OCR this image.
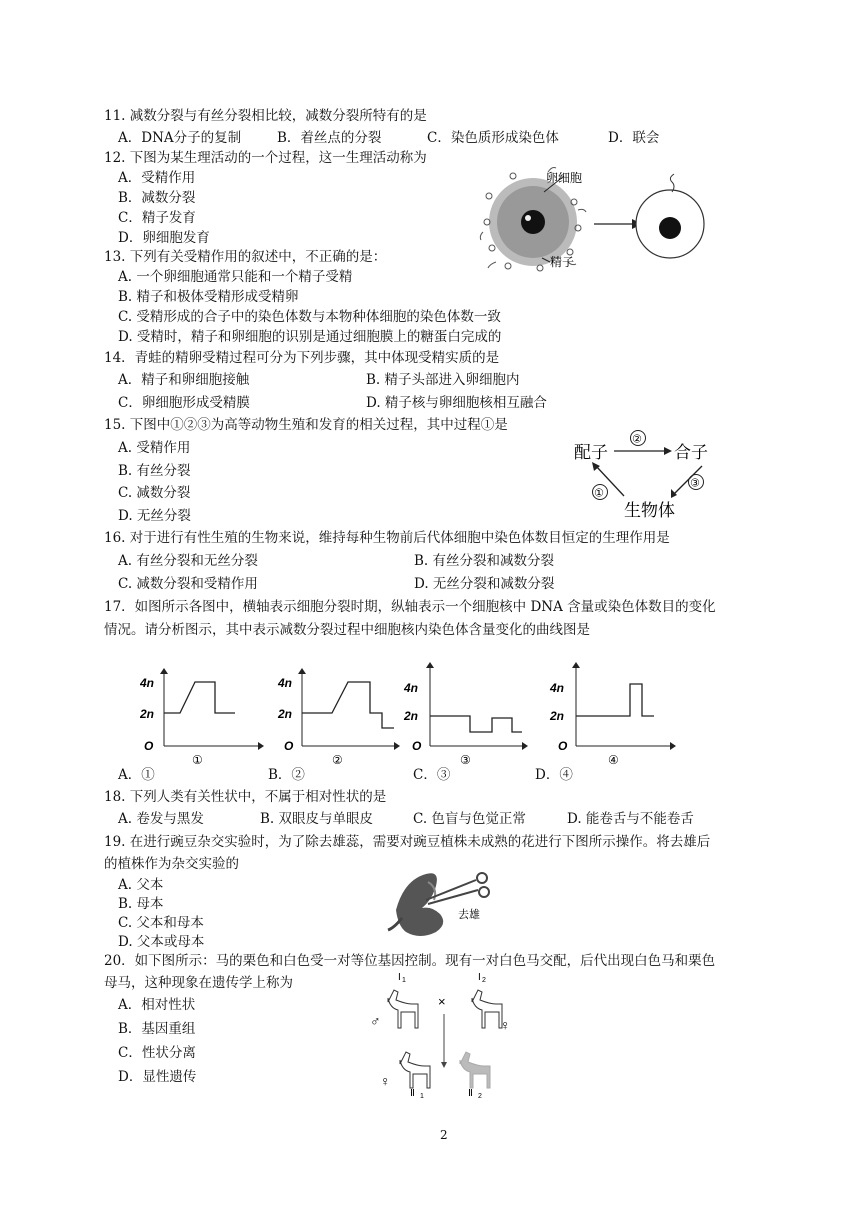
11. 减数分裂与有丝分裂相比较，减数分裂所特有的是
A．DNA分子的复制	B．着丝点的分裂	C．染色质形成染色体	D．联会
12. 下图为某生理活动的一个过程，这一生理活动称为
A．受精作用
B．减数分裂
C．精子发育
D．卵细胞发育
卵细胞
精子
13. 下列有关受精作用的叙述中，不正确的是：
A. 一个卵细胞通常只能和一个精子受精
B. 精子和极体受精形成受精卵
C. 受精形成的合子中的染色体数与本物种体细胞的染色体数一致
D. 受精时，精子和卵细胞的识别是通过细胞膜上的糖蛋白完成的
14．青蛙的精卵受精过程可分为下列步骤，其中体现受精实质的是
A．精子和卵细胞接触	B. 精子头部进入卵细胞内
C．卵细胞形成受精膜	D. 精子核与卵细胞核相互融合
15. 下图中①②③为高等动物生殖和发育的相关过程，其中过程①是
A. 受精作用
B. 有丝分裂
C. 减数分裂
D. 无丝分裂
配子	合子
生物体
②
③
①
16. 对于进行有性生殖的生物来说，维持每种生物前后代体细胞中染色体数目恒定的生理作用是
A. 有丝分裂和无丝分裂	B. 有丝分裂和减数分裂
C. 减数分裂和受精作用	D. 无丝分裂和减数分裂
17．如图所示各图中，横轴表示细胞分裂时期，纵轴表示一个细胞核中 DNA 含量或染色体数目的变化
情况。请分析图示，其中表示减数分裂过程中细胞核内染色体含量变化的曲线图是
4n
2n
O
①
4n
2n
O
②
4n
2n
O
③
4n
2n
O
④
A．①	B．②	C．③	D．④
18. 下列人类有关性状中，不属于相对性状的是
A. 卷发与黑发	B. 双眼皮与单眼皮	C. 色盲与色觉正常	D. 能卷舌与不能卷舌
19. 在进行豌豆杂交实验时，为了除去雄蕊，需要对豌豆植株未成熟的花进行下图所示操作。将去雄后
的植株作为杂交实验的
A. 父本
B. 母本
C. 父本和母本
D. 父本或母本
去雄
20．如下图所示：马的栗色和白色受一对等位基因控制。现有一对白色马交配，后代出现白色马和栗色
母马，这种现象在遗传学上称为
A．相对性状
B．基因重组
C．性状分离
D．显性遗传
I 1	I 2
♂
×
♀
♀
Ⅱ 1	Ⅱ 2
2
